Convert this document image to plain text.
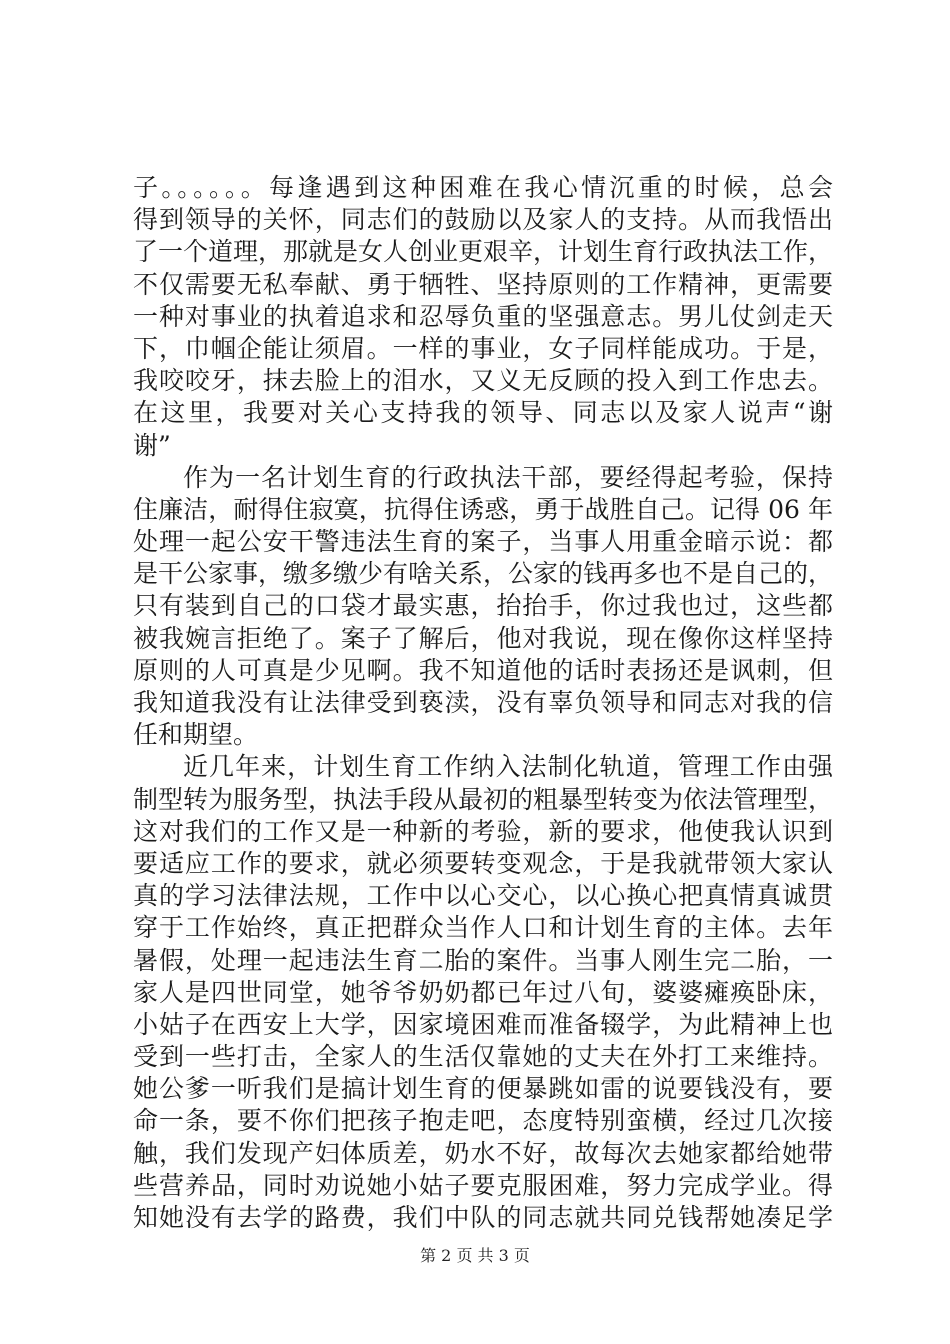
子。。。。。。每逢遇到这种困难在我心情沉重的时候，总会
得到领导的关怀，同志们的鼓励以及家人的支持。从而我悟出
了一个道理，那就是女人创业更艰辛，计划生育行政执法工作，
不仅需要无私奉献、勇于牺牲、坚持原则的工作精神，更需要
一种对事业的执着追求和忍辱负重的坚强意志。男儿仗剑走天
下，巾帼企能让须眉。一样的事业，女子同样能成功。于是，
我咬咬牙，抹去脸上的泪水，又义无反顾的投入到工作忠去。
在这里，我要对关心支持我的领导、同志以及家人说声“谢
谢”
作为一名计划生育的行政执法干部，要经得起考验，保持
住廉洁，耐得住寂寞，抗得住诱惑，勇于战胜自己。记得 06 年
处理一起公安干警违法生育的案子，当事人用重金暗示说：都
是干公家事，缴多缴少有啥关系，公家的钱再多也不是自己的，
只有装到自己的口袋才最实惠，抬抬手，你过我也过，这些都
被我婉言拒绝了。案子了解后，他对我说，现在像你这样坚持
原则的人可真是少见啊。我不知道他的话时表扬还是讽刺，但
我知道我没有让法律受到亵渎，没有辜负领导和同志对我的信
任和期望。
近几年来，计划生育工作纳入法制化轨道，管理工作由强
制型转为服务型，执法手段从最初的粗暴型转变为依法管理型，
这对我们的工作又是一种新的考验，新的要求，他使我认识到
要适应工作的要求，就必须要转变观念，于是我就带领大家认
真的学习法律法规，工作中以心交心，以心换心把真情真诚贯
穿于工作始终，真正把群众当作人口和计划生育的主体。去年
暑假，处理一起违法生育二胎的案件。当事人刚生完二胎，一
家人是四世同堂，她爷爷奶奶都已年过八旬，婆婆瘫痪卧床，
小姑子在西安上大学，因家境困难而准备辍学，为此精神上也
受到一些打击，全家人的生活仅靠她的丈夫在外打工来维持。
她公爹一听我们是搞计划生育的便暴跳如雷的说要钱没有，要
命一条，要不你们把孩子抱走吧，态度特别蛮横，经过几次接
触，我们发现产妇体质差，奶水不好，故每次去她家都给她带
些营养品，同时劝说她小姑子要克服困难，努力完成学业。得
知她没有去学的路费，我们中队的同志就共同兑钱帮她凑足学
第 2 页 共 3 页
